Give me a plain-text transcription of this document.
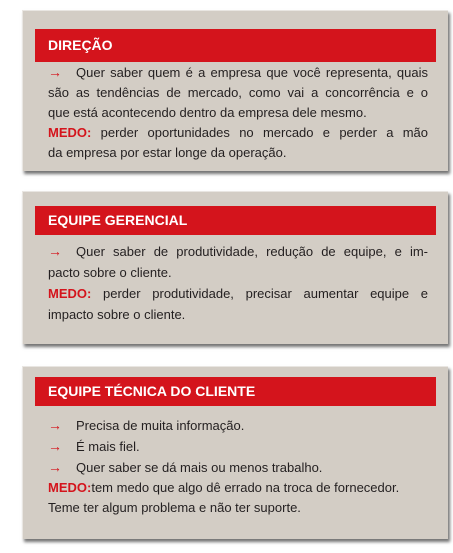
DIREÇÃO
→ Quer saber quem é a empresa que você representa, quais
são as tendências de mercado, como vai a concorrência e o
que está acontecendo dentro da empresa dele mesmo.
MEDO: perder oportunidades no mercado e perder a mão
da empresa por estar longe da operação.
EQUIPE GERENCIAL
→ Quer saber de produtividade, redução de equipe, e im-
pacto sobre o cliente.
MEDO: perder produtividade, precisar aumentar equipe e
impacto sobre o cliente.
EQUIPE TÉCNICA DO CLIENTE
→ Precisa de muita informação.
→ É mais fiel.
→ Quer saber se dá mais ou menos trabalho.
MEDO:tem medo que algo dê errado na troca de fornecedor.
Teme ter algum problema e não ter suporte.
